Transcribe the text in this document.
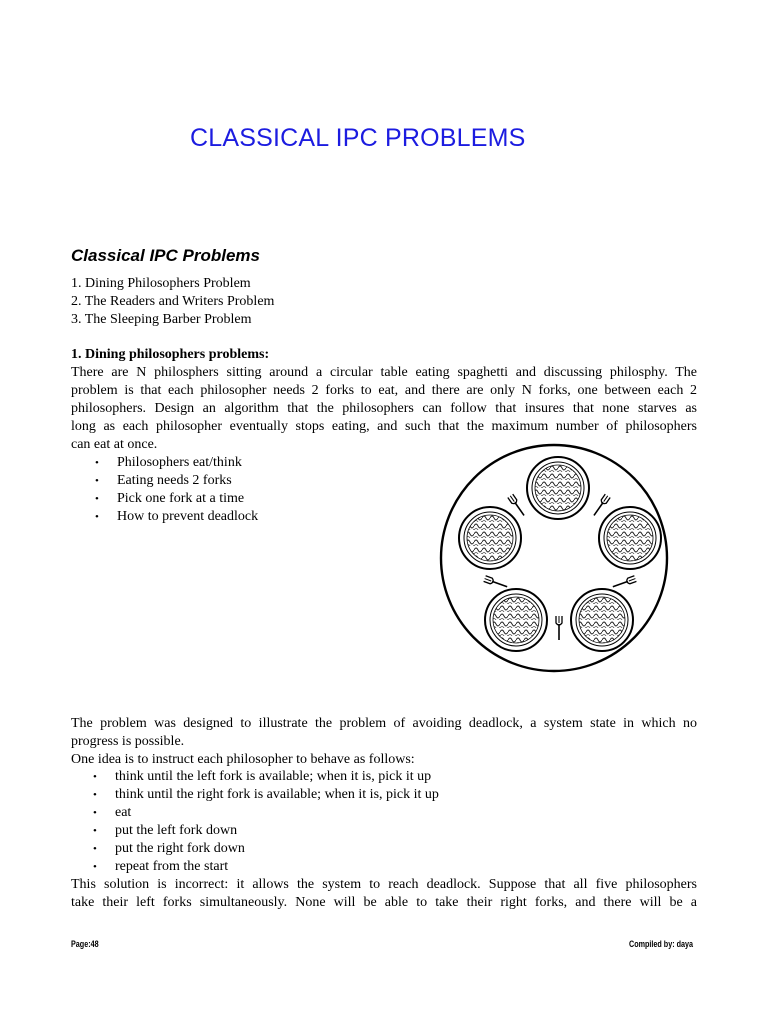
CLASSICAL IPC PROBLEMS
Classical IPC Problems
1. Dining Philosophers Problem
2. The Readers and Writers Problem
3. The Sleeping Barber Problem
1. Dining philosophers problems:
There are N philosphers sitting around a circular table eating spaghetti and discussing philosphy. The
problem is that each philosopher needs 2 forks to eat, and there are only N forks, one between each 2
philosophers. Design an algorithm that the philosophers can follow that insures that none starves as
long as each philosopher eventually stops eating, and such that the maximum number of philosophers
can eat at once.
• Philosophers eat/think
• Eating needs 2 forks
• Pick one fork at a time
• How to prevent deadlock
The problem was designed to illustrate the problem of avoiding deadlock, a system state in which no
progress is possible.
One idea is to instruct each philosopher to behave as follows:
• think until the left fork is available; when it is, pick it up
• think until the right fork is available; when it is, pick it up
• eat
• put the left fork down
• put the right fork down
• repeat from the start
This solution is incorrect: it allows the system to reach deadlock. Suppose that all five philosophers
take their left forks simultaneously. None will be able to take their right forks, and there will be a
Page:48	Compiled by: daya
